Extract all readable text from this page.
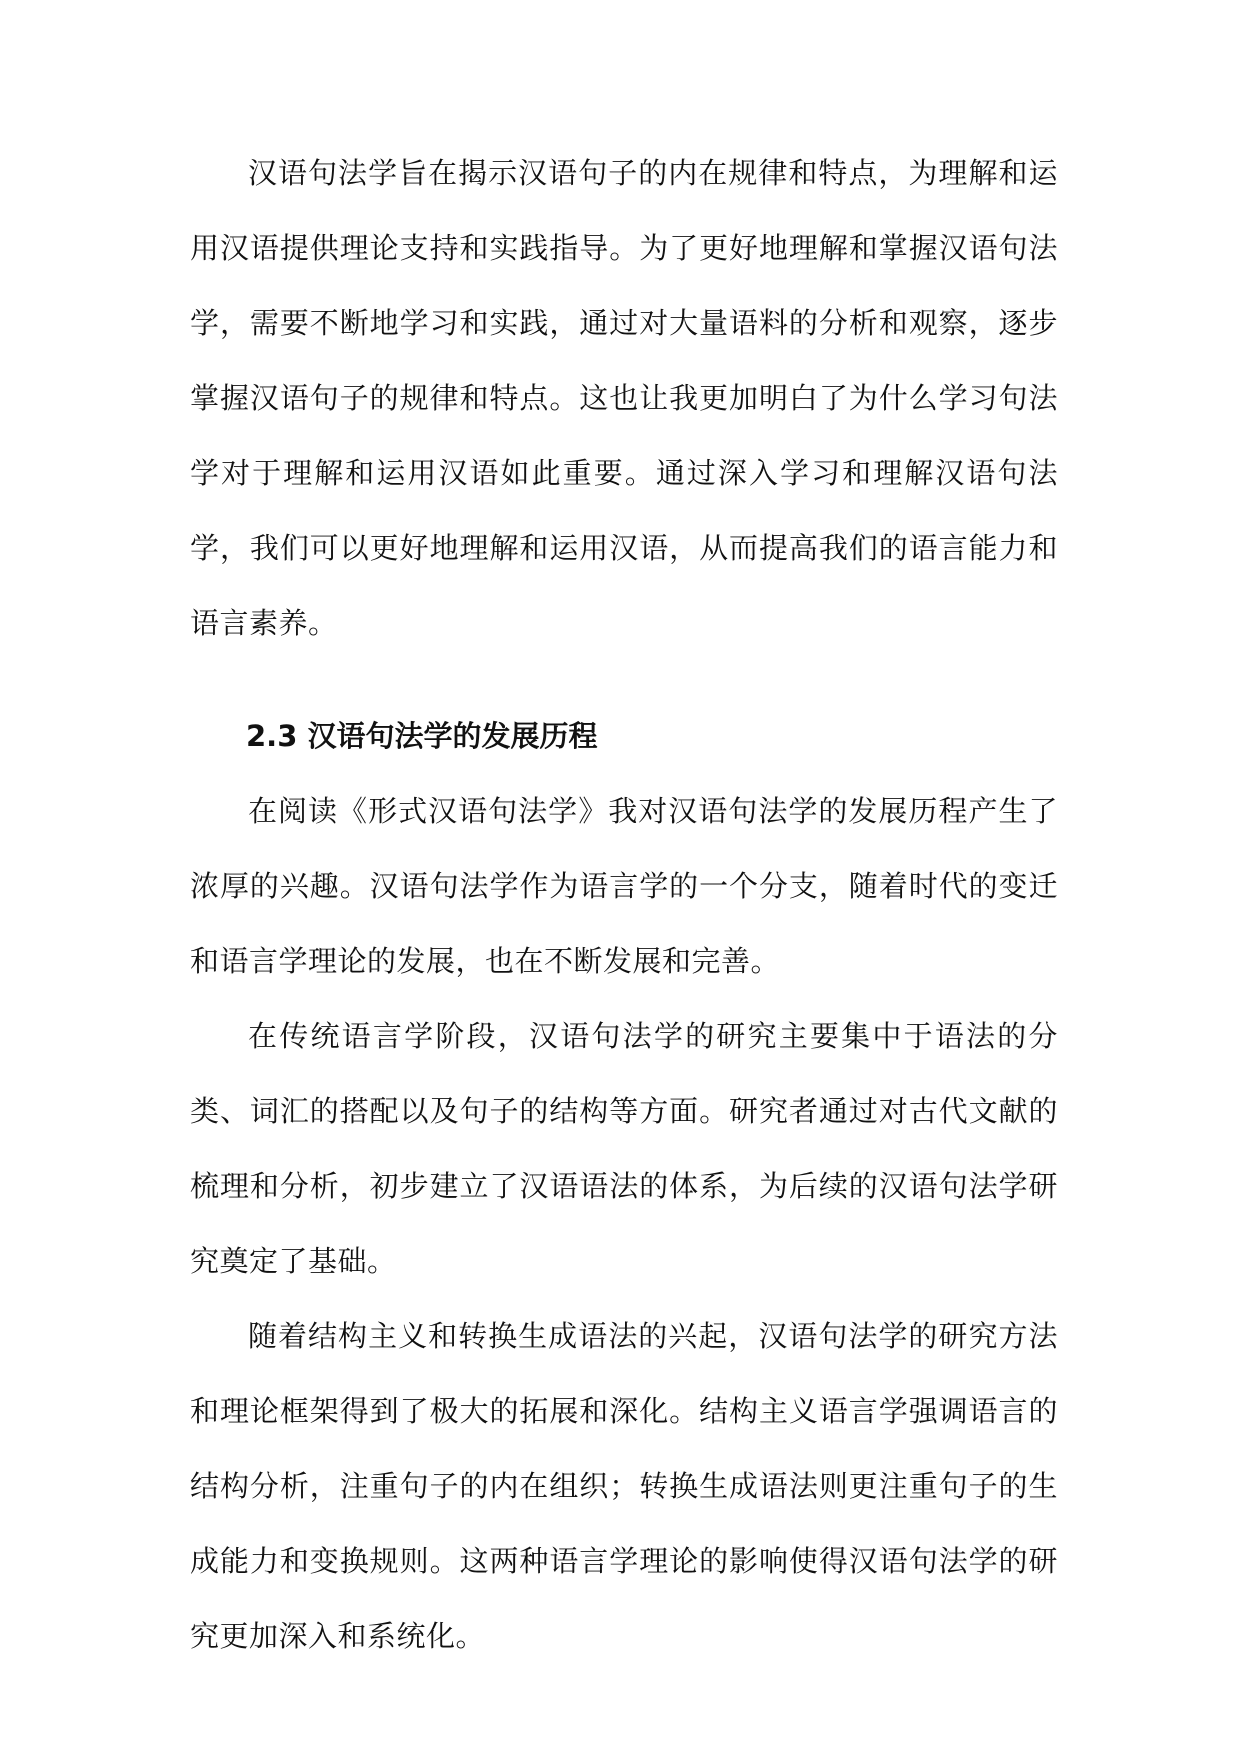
汉语句法学旨在揭示汉语句子的内在规律和特点，为理解和运用汉语提供理论支持和实践指导。为了更好地理解和掌握汉语句法学，需要不断地学习和实践，通过对大量语料的分析和观察，逐步掌握汉语句子的规律和特点。这也让我更加明白了为什么学习句法学对于理解和运用汉语如此重要。通过深入学习和理解汉语句法学，我们可以更好地理解和运用汉语，从而提高我们的语言能力和语言素养。

2.3 汉语句法学的发展历程

在阅读《形式汉语句法学》我对汉语句法学的发展历程产生了浓厚的兴趣。汉语句法学作为语言学的一个分支，随着时代的变迁和语言学理论的发展，也在不断发展和完善。

在传统语言学阶段，汉语句法学的研究主要集中于语法的分类、词汇的搭配以及句子的结构等方面。研究者通过对古代文献的梳理和分析，初步建立了汉语语法的体系，为后续的汉语句法学研究奠定了基础。

随着结构主义和转换生成语法的兴起，汉语句法学的研究方法和理论框架得到了极大的拓展和深化。结构主义语言学强调语言的结构分析，注重句子的内在组织；转换生成语法则更注重句子的生成能力和变换规则。这两种语言学理论的影响使得汉语句法学的研究更加深入和系统化。
